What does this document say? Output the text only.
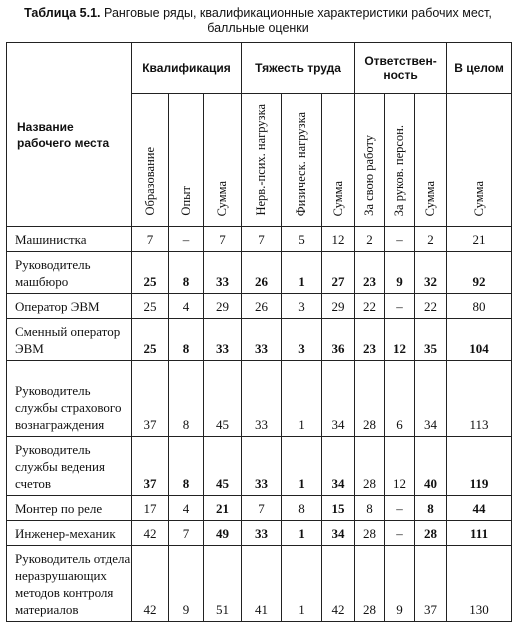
Таблица 5.1. Ранговые ряды, квалификационные характеристики рабочих мест,
балльные оценки
Название рабочего места	Квалификация			Тяжесть труда			Ответствен-ность			В целом
	Образование	Опыт	Сумма	Нерв.-псих. нагрузка	Физическ. нагрузка	Сумма	За свою работу	За руков. персон.	Сумма	Сумма
Машинистка	7	–	7	7	5	12	2	–	2	21
Руководитель машбюро	25	8	33	26	1	27	23	9	32	92
Оператор ЭВМ	25	4	29	26	3	29	22	–	22	80
Сменный оператор ЭВМ	25	8	33	33	3	36	23	12	35	104
Руководитель службы страхового вознаграждения	37	8	45	33	1	34	28	6	34	113
Руководитель службы ведения счетов	37	8	45	33	1	34	28	12	40	119
Монтер по реле	17	4	21	7	8	15	8	–	8	44
Инженер-механик	42	7	49	33	1	34	28	–	28	111
Руководитель отдела неразрушающих методов контроля материалов	42	9	51	41	1	42	28	9	37	130
